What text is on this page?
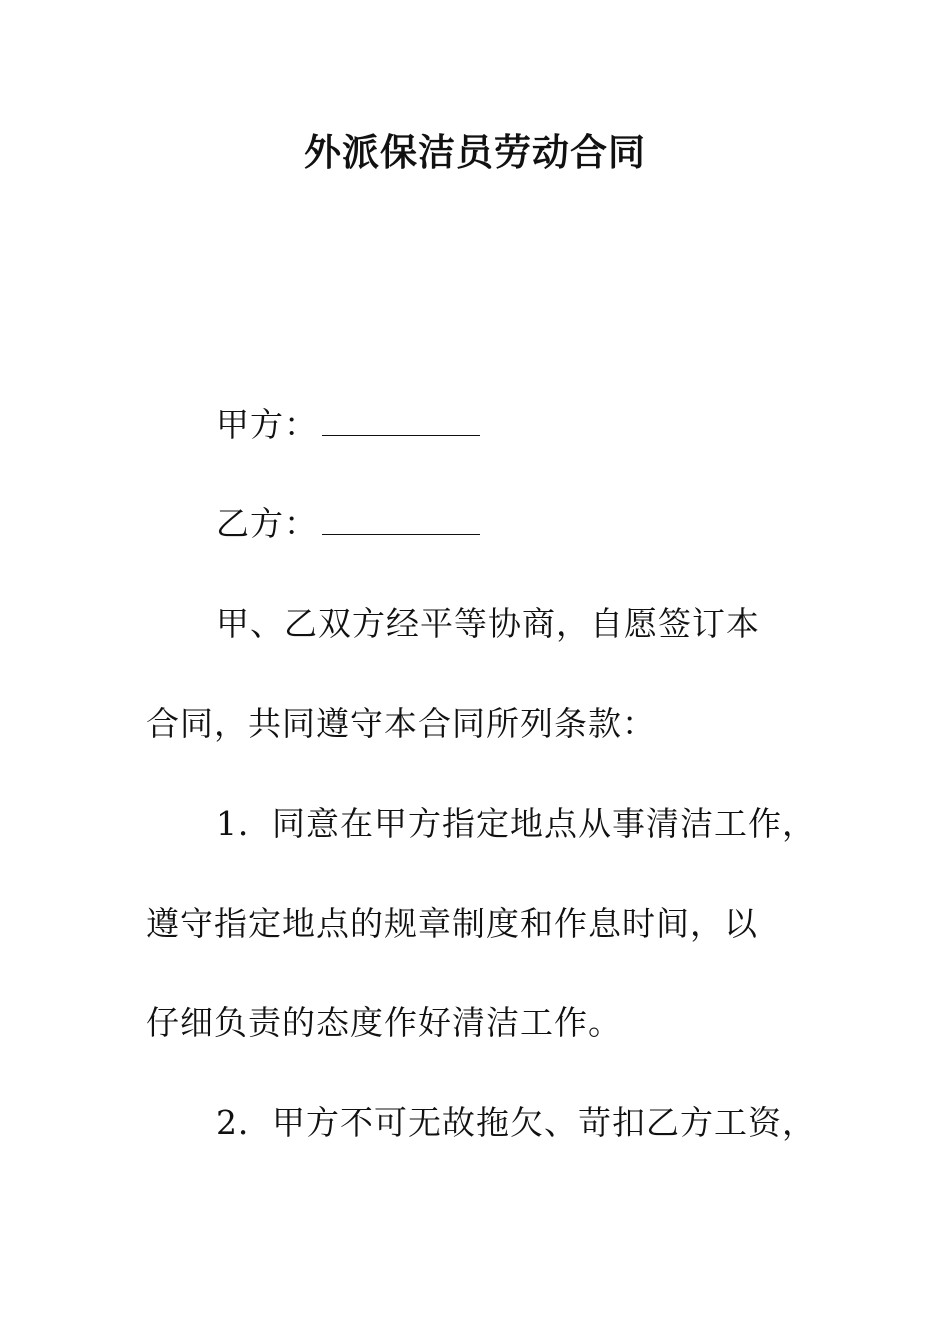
外派保洁员劳动合同
甲方：
乙方：
甲、乙双方经平等协商，自愿签订本
合同，共同遵守本合同所列条款：
1．同意在甲方指定地点从事清洁工作，
遵守指定地点的规章制度和作息时间，以
仔细负责的态度作好清洁工作。
2．甲方不可无故拖欠、苛扣乙方工资，
